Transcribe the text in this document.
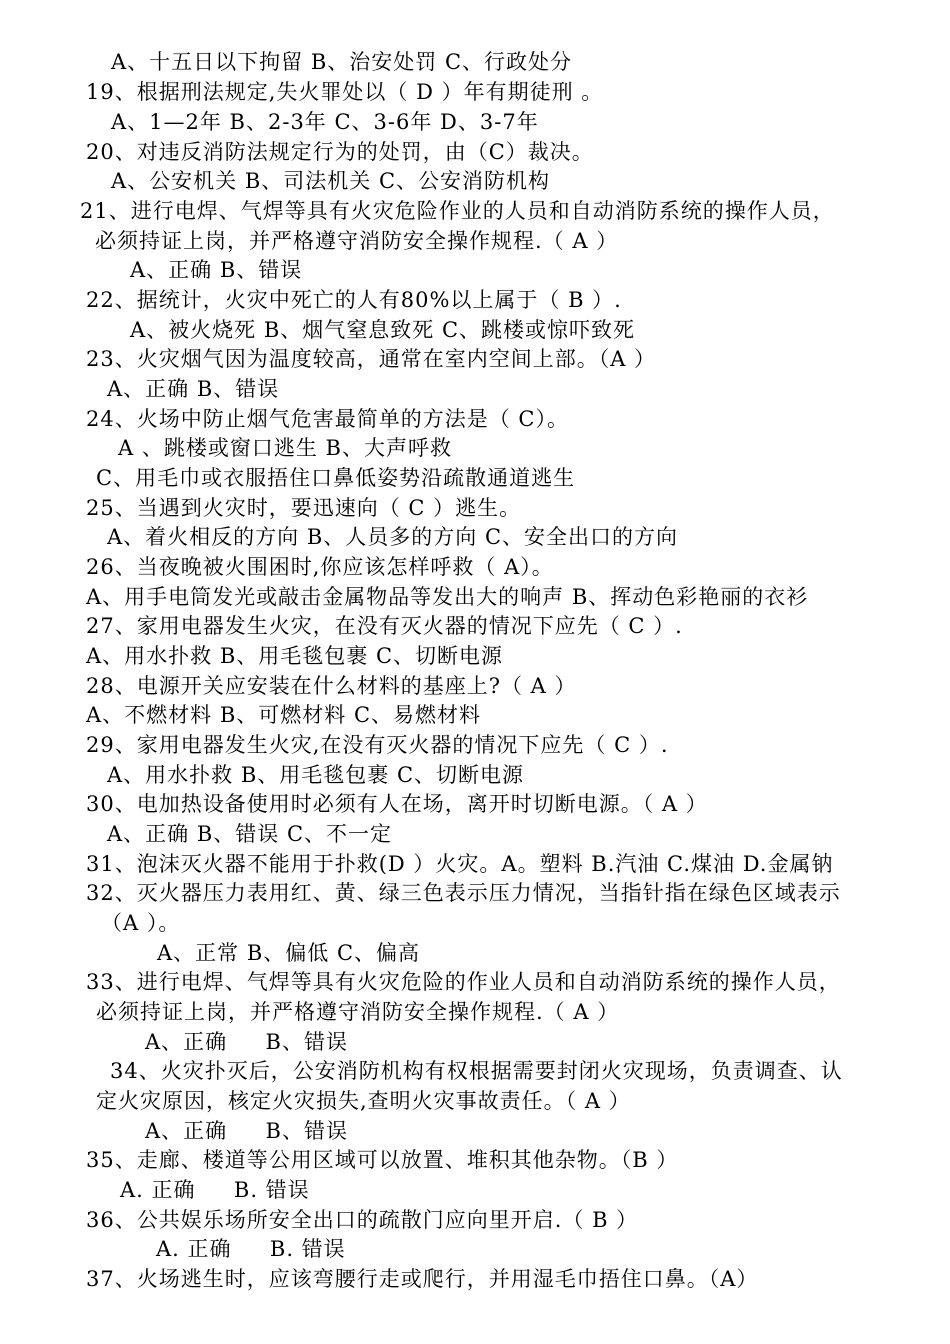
A、十五日以下拘留 B、治安处罚 C、行政处分
19、根据刑法规定,失火罪处以（ D ）年有期徒刑 。
A、1—2年 B、2-3年 C、3-6年 D、3-7年
20、对违反消防法规定行为的处罚，由（C）裁决。
A、公安机关 B、司法机关 C、公安消防机构
21、进行电焊、气焊等具有火灾危险作业的人员和自动消防系统的操作人员，
必须持证上岗，并严格遵守消防安全操作规程.（ A ）
A、正确 B、错误
22、据统计，火灾中死亡的人有80%以上属于（ B ）.
A、被火烧死 B、烟气窒息致死 C、跳楼或惊吓致死
23、火灾烟气因为温度较高，通常在室内空间上部。（A ）
A、正确 B、错误
24、火场中防止烟气危害最简单的方法是（ C）。
A 、跳楼或窗口逃生 B、大声呼救
C、用毛巾或衣服捂住口鼻低姿势沿疏散通道逃生
25、当遇到火灾时，要迅速向（ C ）逃生。
A、着火相反的方向 B、人员多的方向 C、安全出口的方向
26、当夜晚被火围困时,你应该怎样呼救（ A）。
A、用手电筒发光或敲击金属物品等发出大的响声 B、挥动色彩艳丽的衣衫
27、家用电器发生火灾，在没有灭火器的情况下应先（ C ）.
A、用水扑救 B、用毛毯包裹 C、切断电源
28、电源开关应安装在什么材料的基座上?（ A ）
A、不燃材料 B、可燃材料 C、易燃材料
29、家用电器发生火灾,在没有灭火器的情况下应先（ C ）.
A、用水扑救 B、用毛毯包裹 C、切断电源
30、电加热设备使用时必须有人在场，离开时切断电源。（ A ）
A、正确 B、错误 C、不一定
31、泡沫灭火器不能用于扑救(D ）火灾。A。塑料 B.汽油 C.煤油 D.金属钠
32、灭火器压力表用红、黄、绿三色表示压力情况，当指针指在绿色区域表示
（A ）。
A、正常 B、偏低 C、偏高
33、进行电焊、气焊等具有火灾危险的作业人员和自动消防系统的操作人员，
必须持证上岗，并严格遵守消防安全操作规程.（ A ）
A、正确     B、错误
34、火灾扑灭后，公安消防机构有权根据需要封闭火灾现场，负责调查、认
定火灾原因，核定火灾损失,查明火灾事故责任。（ A ）
A、正确     B、错误
35、走廊、楼道等公用区域可以放置、堆积其他杂物。（B ）
A. 正确     B. 错误
36、公共娱乐场所安全出口的疏散门应向里开启.（ B ）
A. 正确     B. 错误
37、火场逃生时，应该弯腰行走或爬行，并用湿毛巾捂住口鼻。（A）
